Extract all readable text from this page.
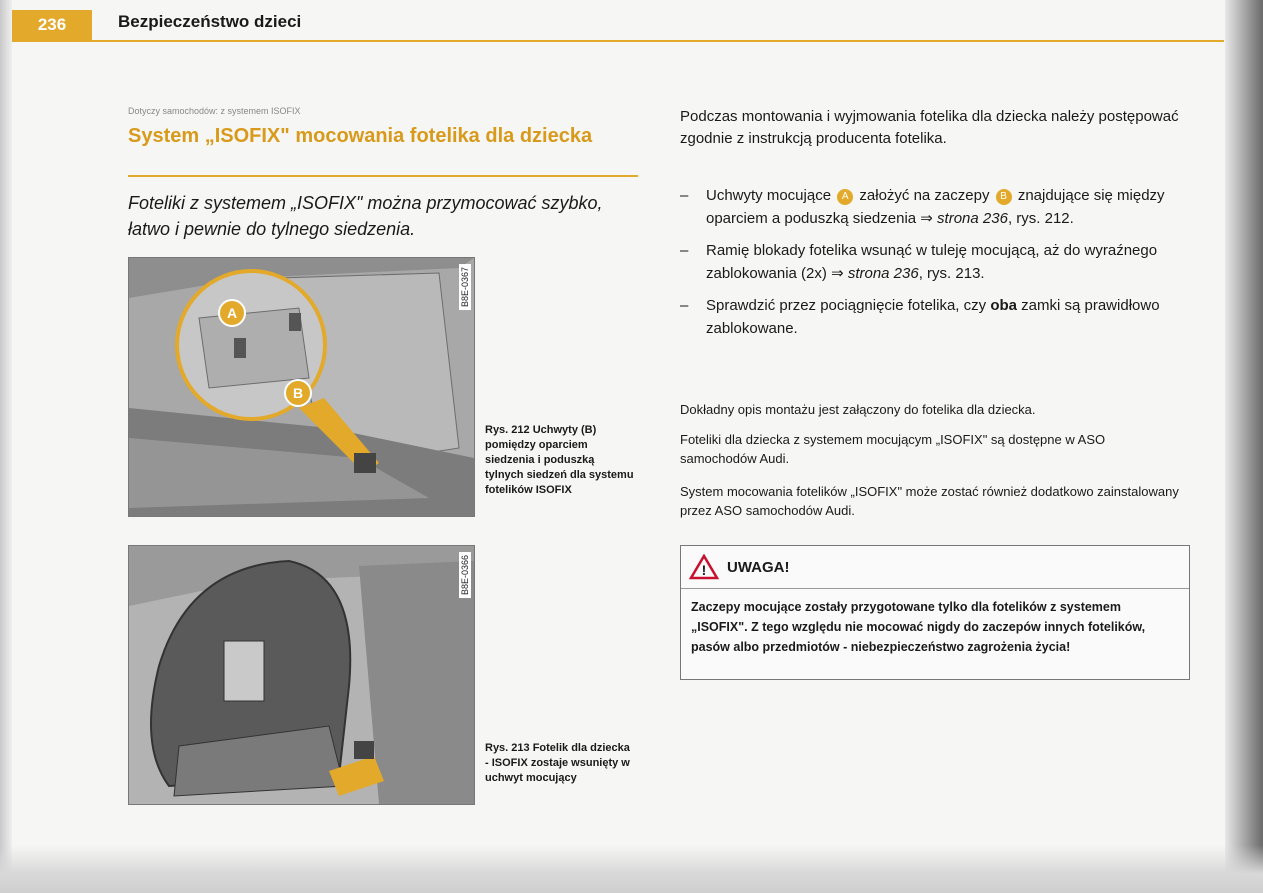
236	Bezpieczeństwo dzieci
Dotyczy samochodów: z systemem ISOFIX
System „ISOFIX" mocowania fotelika dla dziecka
Foteliki z systemem „ISOFIX" można przymocować szybko, łatwo i pewnie do tylnego siedzenia.
B8E-0367
A
B
Rys. 212 Uchwyty (B) pomiędzy oparciem siedzenia i poduszką tylnych siedzeń dla systemu fotelików ISOFIX
B8E-0366
Rys. 213 Fotelik dla dziecka - ISOFIX zostaje wsunięty w uchwyt mocujący
Podczas montowania i wyjmowania fotelika dla dziecka należy postępować zgodnie z instrukcją producenta fotelika.
– Uchwyty mocujące A założyć na zaczepy B znajdujące się między oparciem a poduszką siedzenia ⇒ strona 236, rys. 212.
– Ramię blokady fotelika wsunąć w tuleję mocującą, aż do wyraźnego zablokowania (2x) ⇒ strona 236, rys. 213.
– Sprawdzić przez pociągnięcie fotelika, czy oba zamki są prawidłowo zablokowane.
Dokładny opis montażu jest załączony do fotelika dla dziecka.
Foteliki dla dziecka z systemem mocującym „ISOFIX" są dostępne w ASO samochodów Audi.
System mocowania fotelików „ISOFIX" może zostać również dodatkowo zainstalowany przez ASO samochodów Audi.
! UWAGA!
Zaczepy mocujące zostały przygotowane tylko dla fotelików z systemem „ISOFIX". Z tego względu nie mocować nigdy do zaczepów innych fotelików, pasów albo przedmiotów - niebezpieczeństwo zagrożenia życia!
